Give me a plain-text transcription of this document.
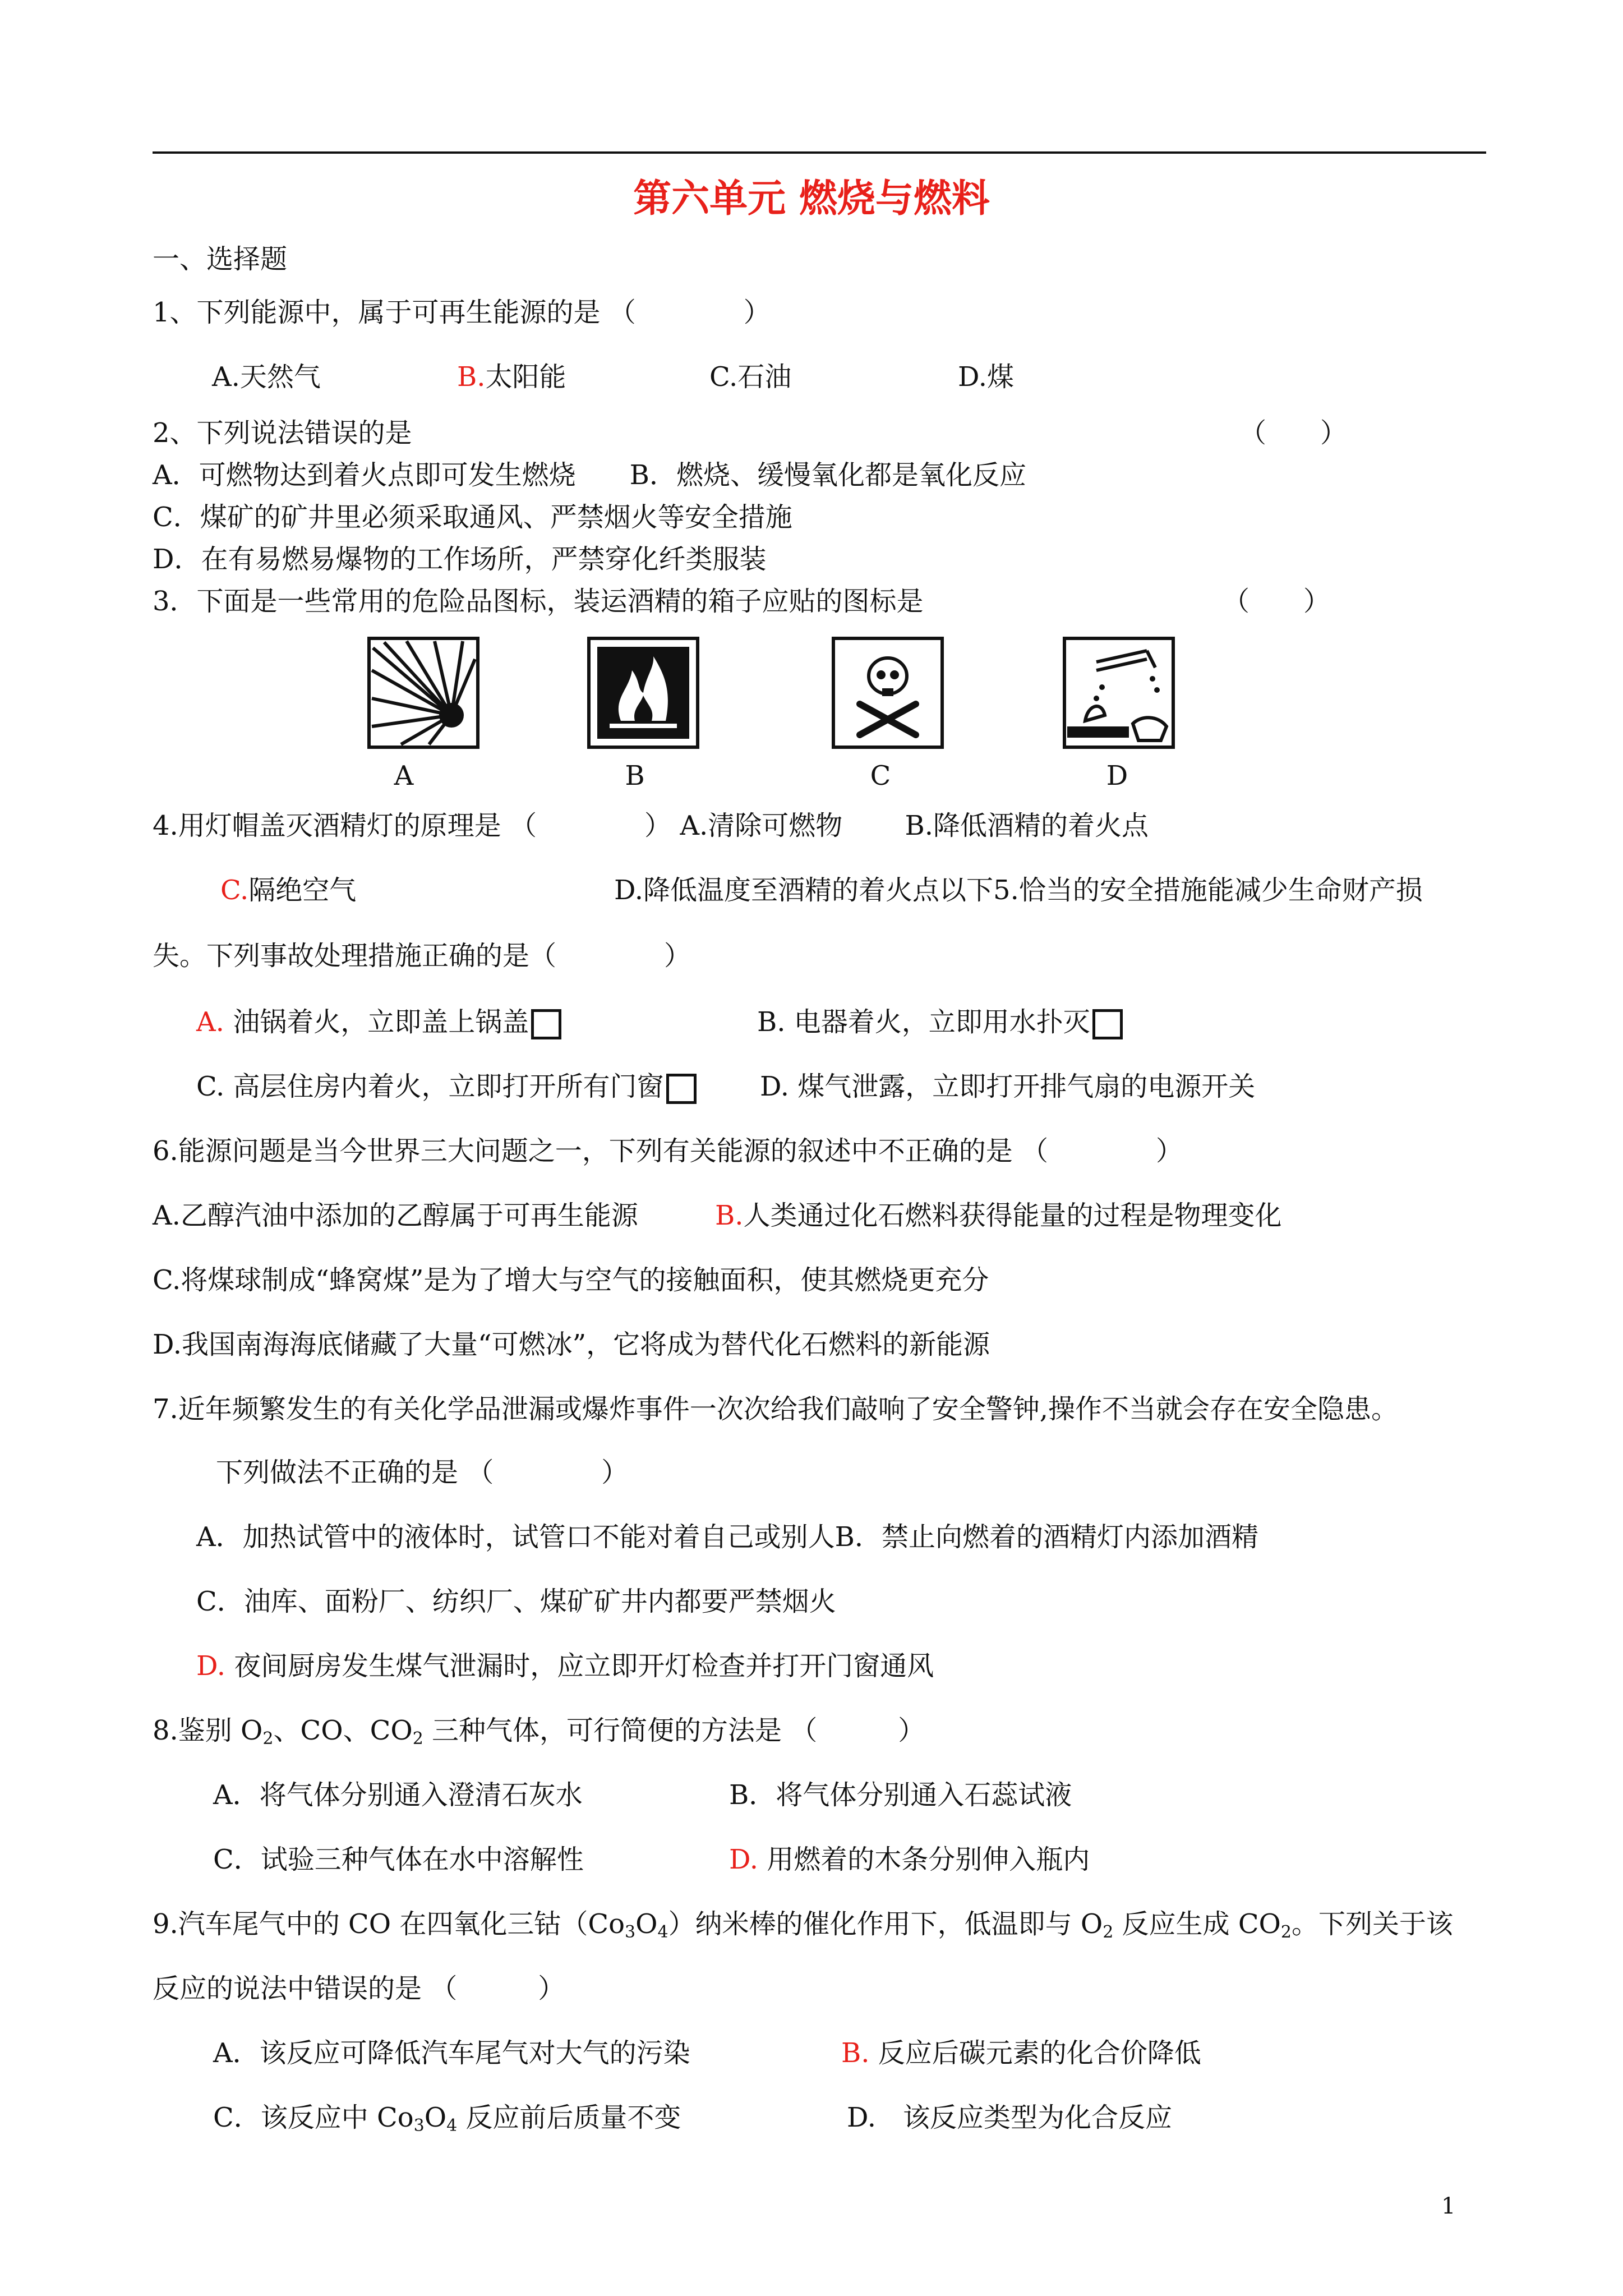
第六单元 燃烧与燃料
一、选择题
1、下列能源中，属于可再生能源的是 （　　　　）
A.天然气	B.太阳能	C.石油	D.煤
2、下列说法错误的是	（　　）
A．可燃物达到着火点即可发生燃烧　　B．燃烧、缓慢氧化都是氧化反应
C．煤矿的矿井里必须采取通风、严禁烟火等安全措施
D．在有易燃易爆物的工作场所，严禁穿化纤类服装
3．下面是一些常用的危险品图标，装运酒精的箱子应贴的图标是	（　　）
A	B	C	D
4.用灯帽盖灭酒精灯的原理是 （　　　　） A.清除可燃物　　 B.降低酒精的着火点
C.隔绝空气	D.降低温度至酒精的着火点以下5.恰当的安全措施能减少生命财产损
失。下列事故处理措施正确的是（　　　　）
A. 油锅着火，立即盖上锅盖	B. 电器着火，立即用水扑灭
C. 高层住房内着火，立即打开所有门窗	D. 煤气泄露，立即打开排气扇的电源开关
6.能源问题是当今世界三大问题之一，下列有关能源的叙述中不正确的是 （　　　　）
A.乙醇汽油中添加的乙醇属于可再生能源	B.人类通过化石燃料获得能量的过程是物理变化
C.将煤球制成“蜂窝煤”是为了增大与空气的接触面积，使其燃烧更充分
D.我国南海海底储藏了大量“可燃冰”，它将成为替代化石燃料的新能源
7.近年频繁发生的有关化学品泄漏或爆炸事件一次次给我们敲响了安全警钟,操作不当就会存在安全隐患。
下列做法不正确的是 （　　　　）
A．加热试管中的液体时，试管口不能对着自己或别人B．禁止向燃着的酒精灯内添加酒精
C．油库、面粉厂、纺织厂、煤矿矿井内都要严禁烟火
D. 夜间厨房发生煤气泄漏时，应立即开灯检查并打开门窗通风
8.鉴别 $O_2$、CO、$CO_2$ 三种气体，可行简便的方法是 （　　　）
A．将气体分别通入澄清石灰水	B．将气体分别通入石蕊试液
C．试验三种气体在水中溶解性	D. 用燃着的木条分别伸入瓶内
9.汽车尾气中的 CO 在四氧化三钴$(Co_3O_4)$纳米棒的催化作用下，低温即与 $O_2$ 反应生成 $CO_2$。下列关于该
反应的说法中错误的是 （　　　）
A．该反应可降低汽车尾气对大气的污染	B. 反应后碳元素的化合价降低
C．该反应中 $Co_3O_4$ 反应前后质量不变	D.　该反应类型为化合反应
1
